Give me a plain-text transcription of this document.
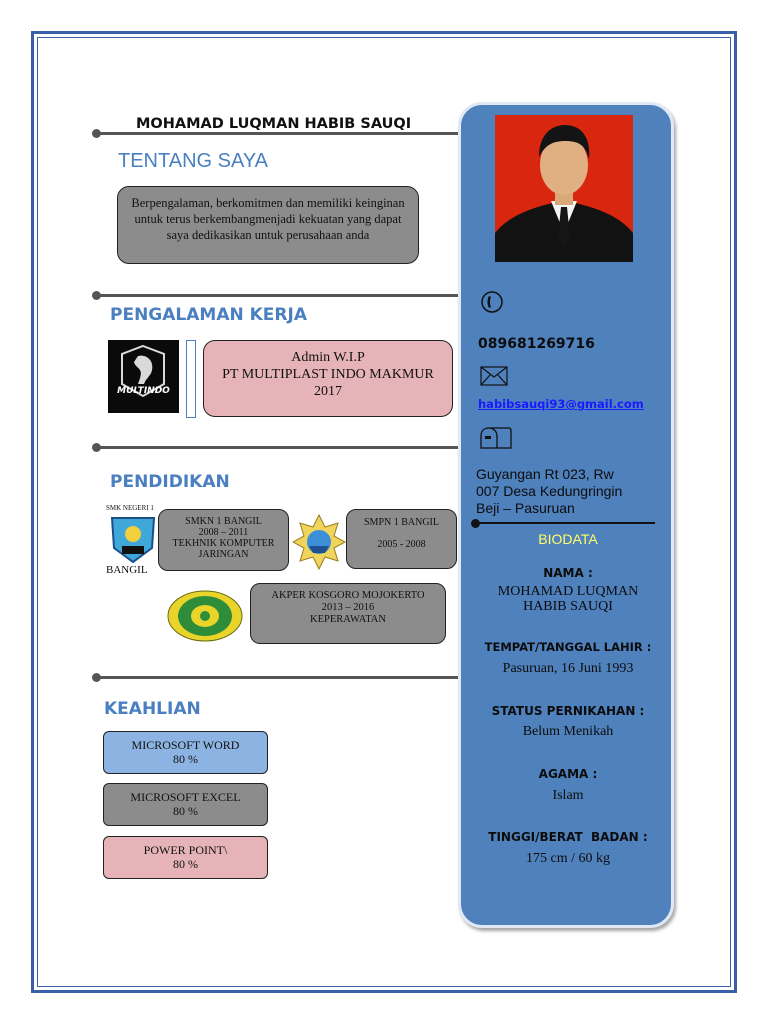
MOHAMAD LUQMAN HABIB SAUQI
TENTANG SAYA
Berpengalaman, berkomitmen dan memiliki keinginan untuk terus berkembangmenjadi kekuatan yang dapat saya dedikasikan untuk perusahaan anda
PENGALAMAN KERJA
MULTINDO
Admin W.I.P
PT MULTIPLAST INDO MAKMUR
2017
PENDIDIKAN
SMK NEGERI 1
BANGIL
SMKN 1 BANGIL
2008 – 2011
TEKHNIK KOMPUTER JARINGAN
SMPN 1 BANGIL
2005 - 2008
AKPER KOSGORO MOJOKERTO
2013 – 2016
KEPERAWATAN
KEAHLIAN
MICROSOFT WORD
80 %
MICROSOFT EXCEL
80 %
POWER POINT\
80 %
089681269716
habibsauqi93@gmail.com
Guyangan Rt 023, Rw
007 Desa Kedungringin
Beji – Pasuruan
BIODATA
NAMA :
MOHAMAD LUQMAN
HABIB SAUQI
TEMPAT/TANGGAL LAHIR :
Pasuruan, 16 Juni 1993
STATUS PERNIKAHAN :
Belum Menikah
AGAMA :
Islam
TINGGI/BERAT  BADAN :
175 cm / 60 kg
